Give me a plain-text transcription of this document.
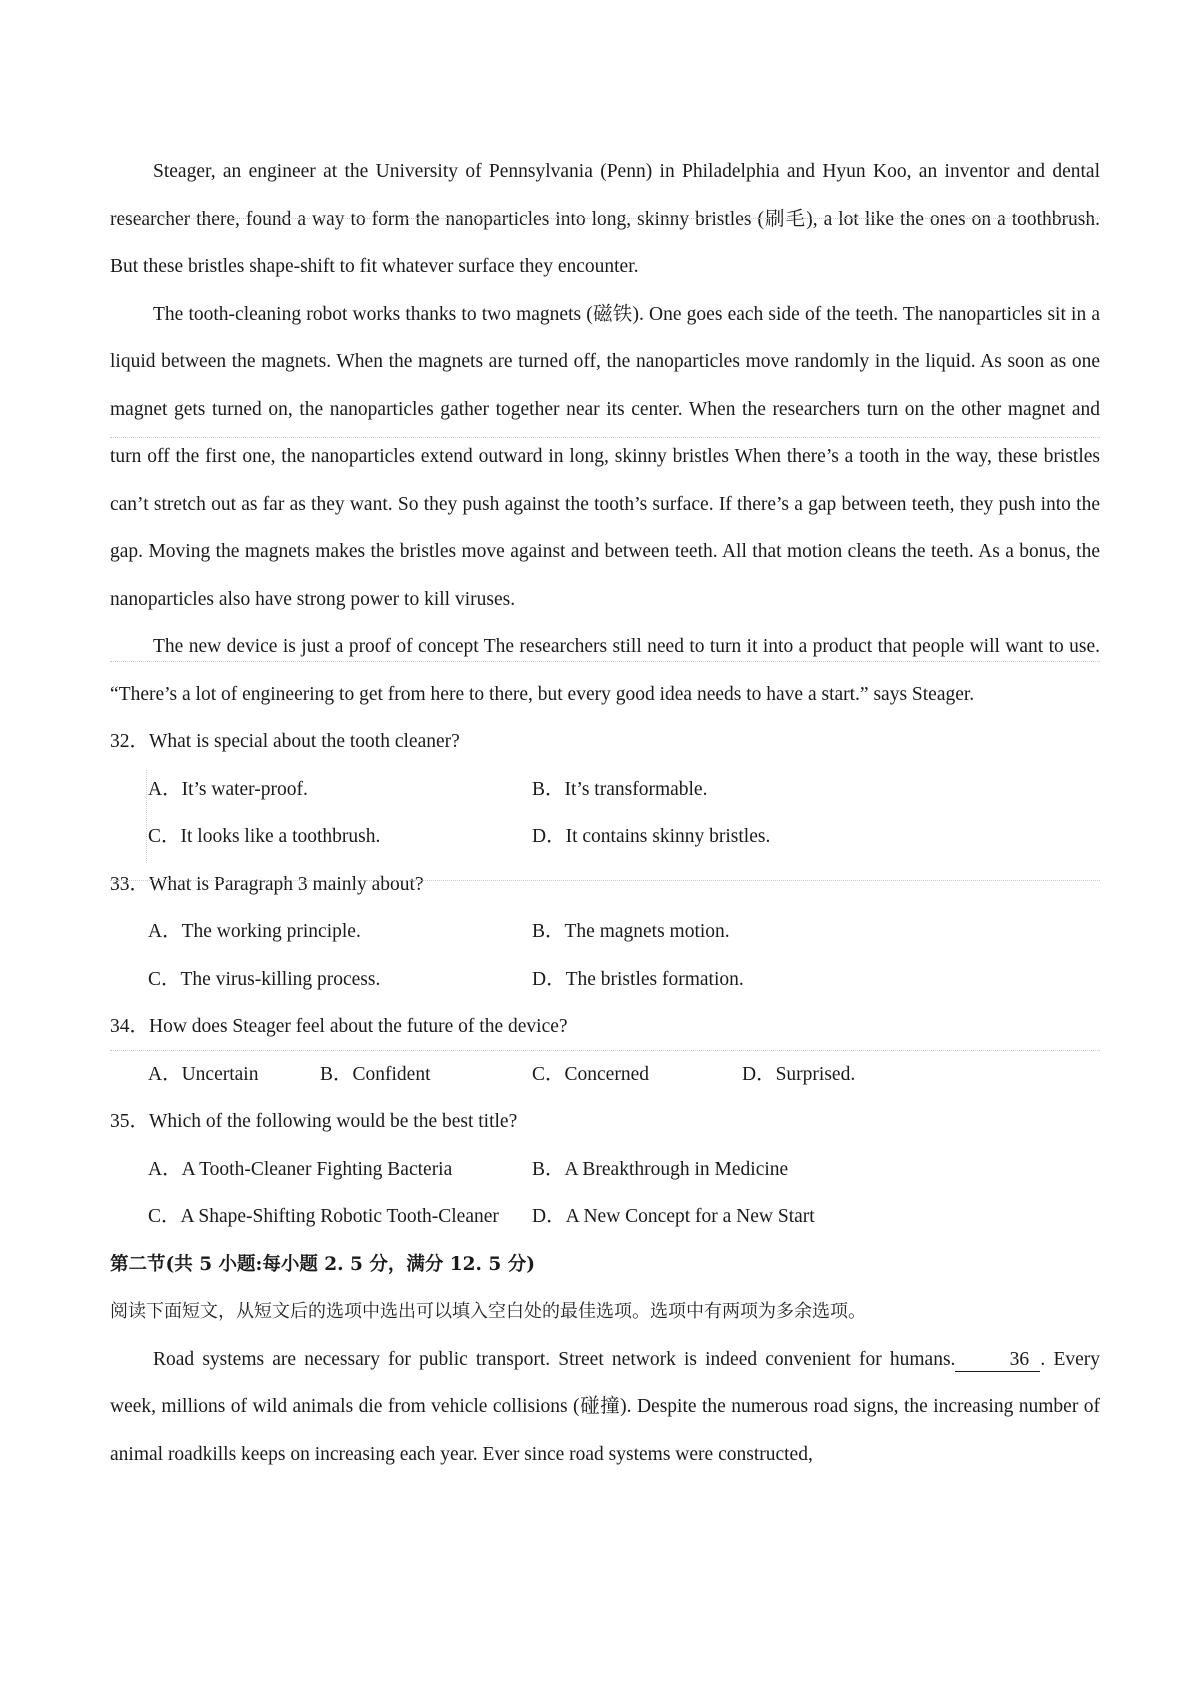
Steager, an engineer at the University of Pennsylvania (Penn) in Philadelphia and Hyun Koo, an inventor and dental researcher there, found a way to form the nanoparticles into long, skinny bristles (刷毛), a lot like the ones on a toothbrush. But these bristles shape-shift to fit whatever surface they encounter.

The tooth-cleaning robot works thanks to two magnets (磁铁). One goes each side of the teeth. The nanoparticles sit in a liquid between the magnets. When the magnets are turned off, the nanoparticles move randomly in the liquid. As soon as one magnet gets turned on, the nanoparticles gather together near its center. When the researchers turn on the other magnet and turn off the first one, the nanoparticles extend outward in long, skinny bristles When there’s a tooth in the way, these bristles can’t stretch out as far as they want. So they push against the tooth’s surface. If there’s a gap between teeth, they push into the gap. Moving the magnets makes the bristles move against and between teeth. All that motion cleans the teeth. As a bonus, the nanoparticles also have strong power to kill viruses.

The new device is just a proof of concept The researchers still need to turn it into a product that people will want to use. “There’s a lot of engineering to get from here to there, but every good idea needs to have a start.” says Steager.

32．What is special about the tooth cleaner?

A．It’s water-proof.	B．It’s transformable.
C．It looks like a toothbrush.	D．It contains skinny bristles.

33．What is Paragraph 3 mainly about?

A．The working principle.	B．The magnets motion.
C．The virus-killing process.	D．The bristles formation.

34．How does Steager feel about the future of the device?

A．Uncertain	B．Confident	C．Concerned	D．Surprised.

35．Which of the following would be the best title?

A．A Tooth-Cleaner Fighting Bacteria	B．A Breakthrough in Medicine
C．A Shape-Shifting Robotic Tooth-Cleaner D．A New Concept for a New Start

第二节(共 5 小题:每小题 2. 5 分，满分 12. 5 分)

阅读下面短文，从短文后的选项中选出可以填入空白处的最佳选项。选项中有两项为多余选项。

Road systems are necessary for public transport. Street network is indeed convenient for humans.	36 . Every week, millions of wild animals die from vehicle collisions (碰撞). Despite the numerous road signs, the increasing number of animal roadkills keeps on increasing each year. Ever since road systems were constructed,
